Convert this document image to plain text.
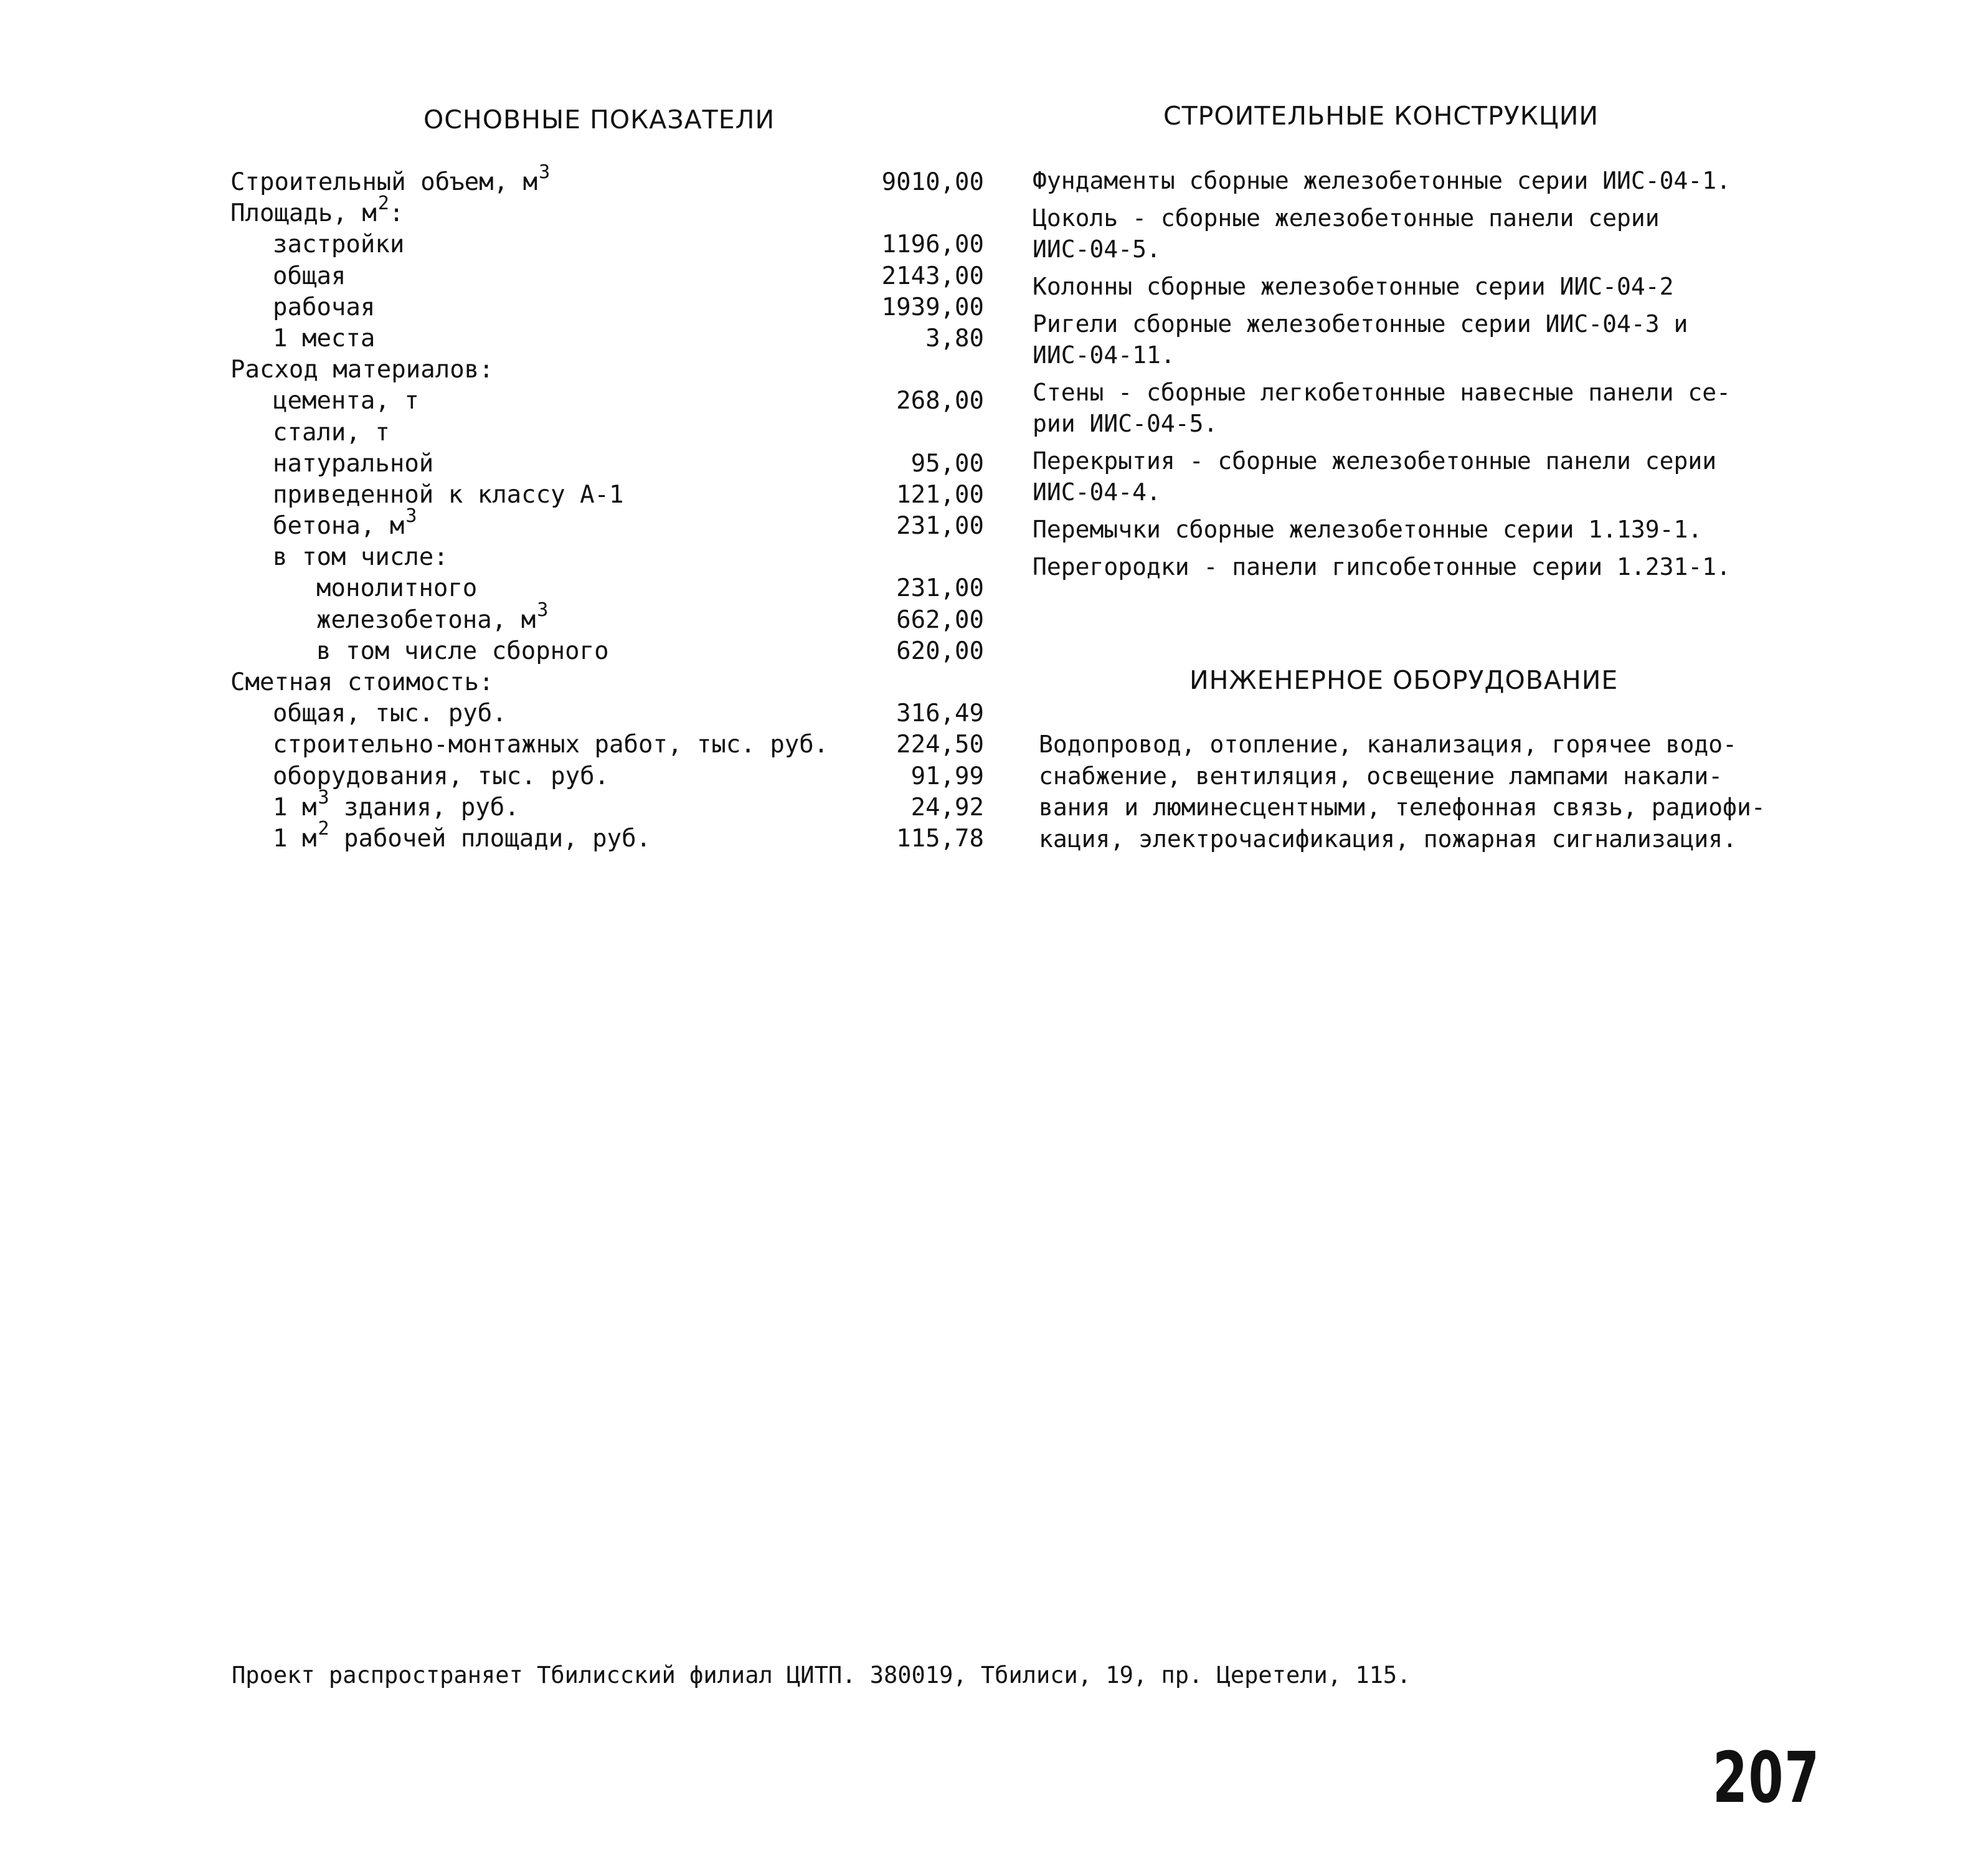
ОСНОВНЫЕ ПОКАЗАТЕЛИ	СТРОИТЕЛЬНЫЕ КОНСТРУКЦИИ
Строительный объем, $м^3$	9010,00
Площадь, $м^2$:
застройки	1196,00
общая	2143,00
рабочая	1939,00
1 места	3,80
Расход материалов:
цемента, т	268,00
стали, т
натуральной	95,00
приведенной к классу А-1	121,00
бетона, $м^3$	231,00
в том числе:
монолитного	231,00
железобетона, $м^3$	662,00
в том числе сборного	620,00
Сметная стоимость:
общая, тыс. руб.	316,49
строительно-монтажных работ, тыс. руб.	224,50
оборудования, тыс. руб.	91,99
1 $м^3$ здания, руб.	24,92
1 $м^2$ рабочей площади, руб.	115,78
Фундаменты сборные железобетонные серии ИИС-04-1.
Цоколь - сборные железобетонные панели серии
ИИС-04-5.
Колонны сборные железобетонные серии ИИС-04-2
Ригели сборные железобетонные серии ИИС-04-3 и
ИИС-04-11.
Стены - сборные легкобетонные навесные панели се-
рии ИИС-04-5.
Перекрытия - сборные железобетонные панели серии
ИИС-04-4.
Перемычки сборные железобетонные серии 1.139-1.
Перегородки - панели гипсобетонные серии 1.231-1.
ИНЖЕНЕРНОЕ ОБОРУДОВАНИЕ
Водопровод, отопление, канализация, горячее водо-
снабжение, вентиляция, освещение лампами накали-
вания и люминесцентными, телефонная связь, радиофи-
кация, электрочасификация, пожарная сигнализация.
Проект распространяет Тбилисский филиал ЦИТП. 380019, Тбилиси, 19, пр. Церетели, 115.
207
